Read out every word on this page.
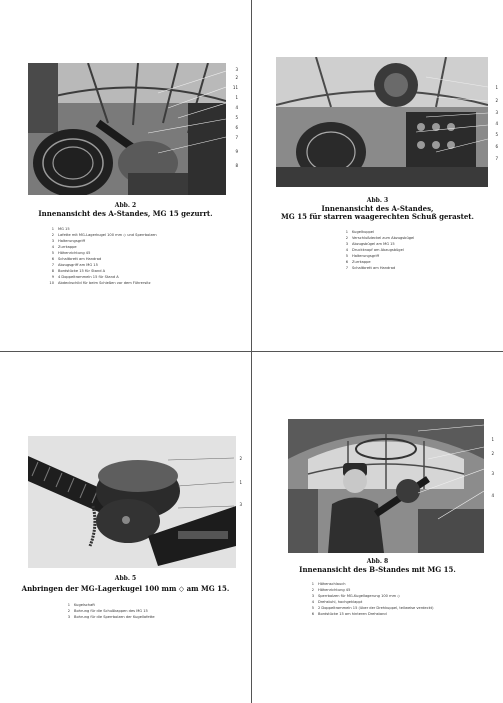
3
2
11
1
4
5
6
7
9
8
Abb. 2
Innenansicht des A-Standes, MG 15 gezurrt.
1 MG 15
2 Lafette mit MG-Lagerkugel 100 mm ◇ und Sperrbolzen
3 Halterungsgriff
4 Zurrkappe
5 Höhenrichtung 45
6 Schaltbrett am Handrad
7 Abzugsgriff am MG 15
8 Bordstücke 15 für Stand A
9 4 Doppeltrommeln 15 für Stand A
10 Abdeckschild für beim Schießen vor dem Führersitz
1
2
3
4
5
6
7
Abb. 3
Innenansicht des A-Standes,
MG 15 für starren waagerechten Schuß gerastet.
1 Kugelkuppel
2 Verschlußdeckel zum Abzugsbügel
3 Abzugsbügel am MG 15
4 Druckknopf am Abzugsbügel
5 Halterungsgriff
6 Zurrkappe
7 Schaltbrett am Handrad
2
1
3
Abb. 5
Anbringen der MG-Lagerkugel 100 mm ◇ am MG 15.
1 Kugelschaft
2 Bohrung für die Schußkappen des MG 15
3 Bohrung für die Sperrbolzen der Kugellafette
1
2
3
4
Abb. 8
Innenansicht des B-Standes mit MG 15.
1 Höhenschlauch
2 Höhenrichtung 45
3 Sperrbolzen für MG-Kugellagerung 100 mm ◇
4 Drehstuhl, hochgeklappt
5 2 Doppeltrommeln 15 (über der Drehkuppel, teilweise verdeckt)
6 Bordstücke 15 am hinteren Drehstand
